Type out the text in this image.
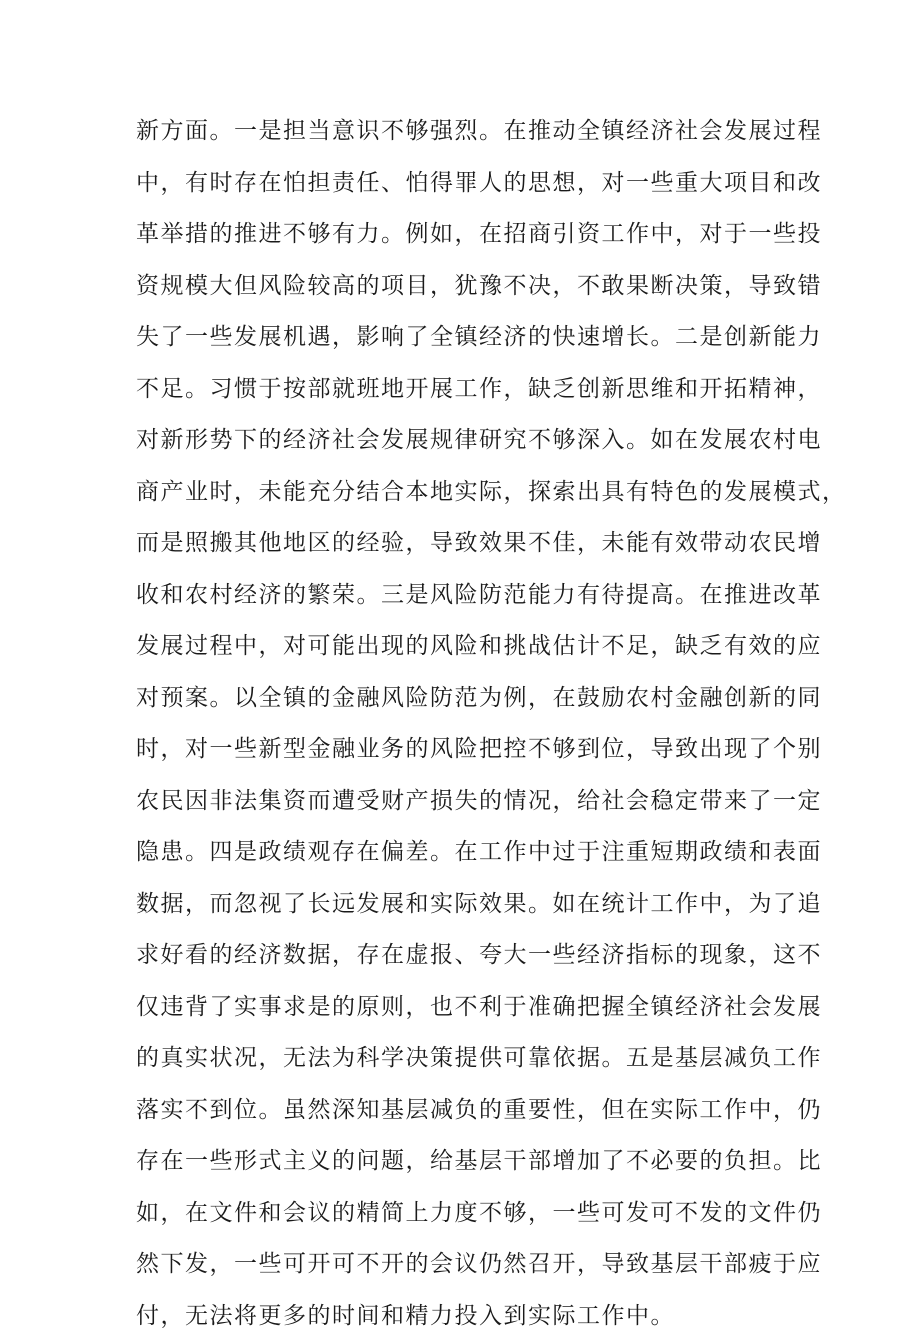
新方面。一是担当意识不够强烈。在推动全镇经济社会发展过程
中，有时存在怕担责任、怕得罪人的思想，对一些重大项目和改
革举措的推进不够有力。例如，在招商引资工作中，对于一些投
资规模大但风险较高的项目，犹豫不决，不敢果断决策，导致错
失了一些发展机遇，影响了全镇经济的快速增长。二是创新能力
不足。习惯于按部就班地开展工作，缺乏创新思维和开拓精神，
对新形势下的经济社会发展规律研究不够深入。如在发展农村电
商产业时，未能充分结合本地实际，探索出具有特色的发展模式，
而是照搬其他地区的经验，导致效果不佳，未能有效带动农民增
收和农村经济的繁荣。三是风险防范能力有待提高。在推进改革
发展过程中，对可能出现的风险和挑战估计不足，缺乏有效的应
对预案。以全镇的金融风险防范为例，在鼓励农村金融创新的同
时，对一些新型金融业务的风险把控不够到位，导致出现了个别
农民因非法集资而遭受财产损失的情况，给社会稳定带来了一定
隐患。四是政绩观存在偏差。在工作中过于注重短期政绩和表面
数据，而忽视了长远发展和实际效果。如在统计工作中，为了追
求好看的经济数据，存在虚报、夸大一些经济指标的现象，这不
仅违背了实事求是的原则，也不利于准确把握全镇经济社会发展
的真实状况，无法为科学决策提供可靠依据。五是基层减负工作
落实不到位。虽然深知基层减负的重要性，但在实际工作中，仍
存在一些形式主义的问题，给基层干部增加了不必要的负担。比
如，在文件和会议的精简上力度不够，一些可发可不发的文件仍
然下发，一些可开可不开的会议仍然召开，导致基层干部疲于应
付，无法将更多的时间和精力投入到实际工作中。
